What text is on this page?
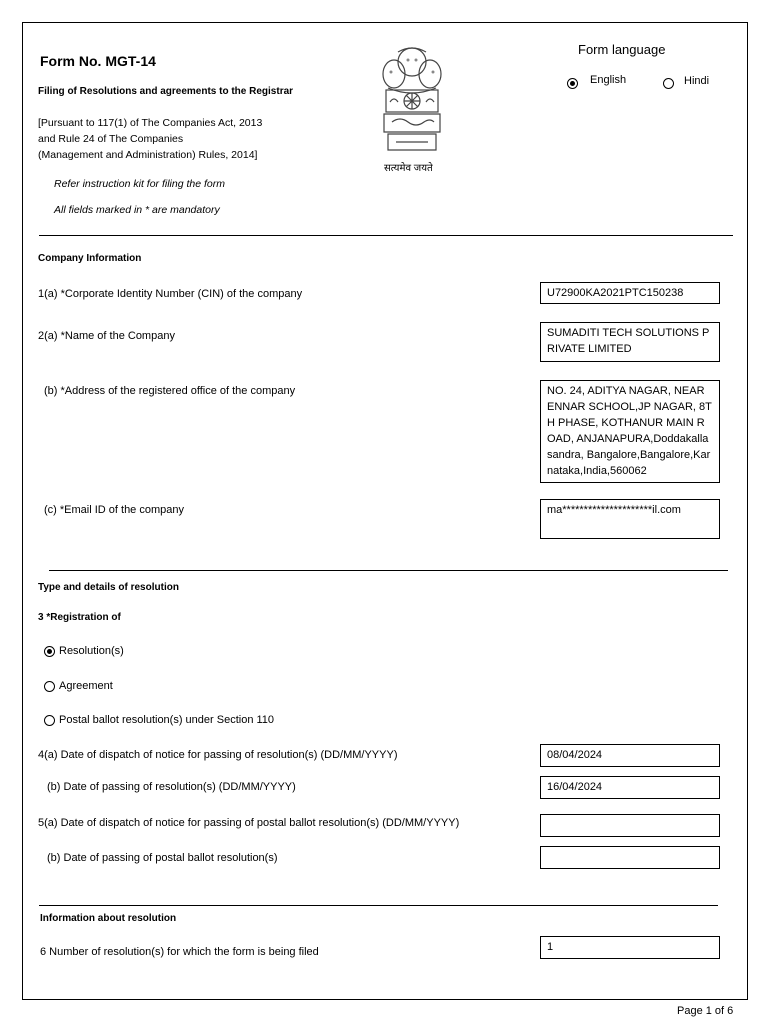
Form No. MGT-14
Filing of Resolutions and agreements to the Registrar
[Pursuant to 117(1) of The Companies Act, 2013
and Rule 24 of The Companies
(Management and Administration) Rules, 2014]
Refer instruction kit for filing the form
All fields marked in * are mandatory
सत्यमेव जयते
Form language
English	Hindi
Company Information
1(a) *Corporate Identity Number (CIN) of the company	U72900KA2021PTC150238
2(a) *Name of the Company	SUMADITI TECH SOLUTIONS PRIVATE LIMITED
(b) *Address of the registered office of the company	NO. 24, ADITYA NAGAR, NEAR ENNAR SCHOOL,JP NAGAR, 8TH PHASE, KOTHANUR MAIN ROAD, ANJANAPURA,Doddakallasandra, Bangalore,Bangalore,Karnataka,India,560062
(c) *Email ID of the company	ma*********************il.com
Type and details of resolution
3 *Registration of
Resolution(s)
Agreement
Postal ballot resolution(s) under Section 110
4(a) Date of dispatch of notice for passing of resolution(s) (DD/MM/YYYY)	08/04/2024
(b) Date of passing of resolution(s) (DD/MM/YYYY)	16/04/2024
5(a) Date of dispatch of notice for passing of postal ballot resolution(s) (DD/MM/YYYY)
(b) Date of passing of postal ballot resolution(s)
Information about resolution
6 Number of resolution(s) for which the form is being filed	1
Page 1 of 6
